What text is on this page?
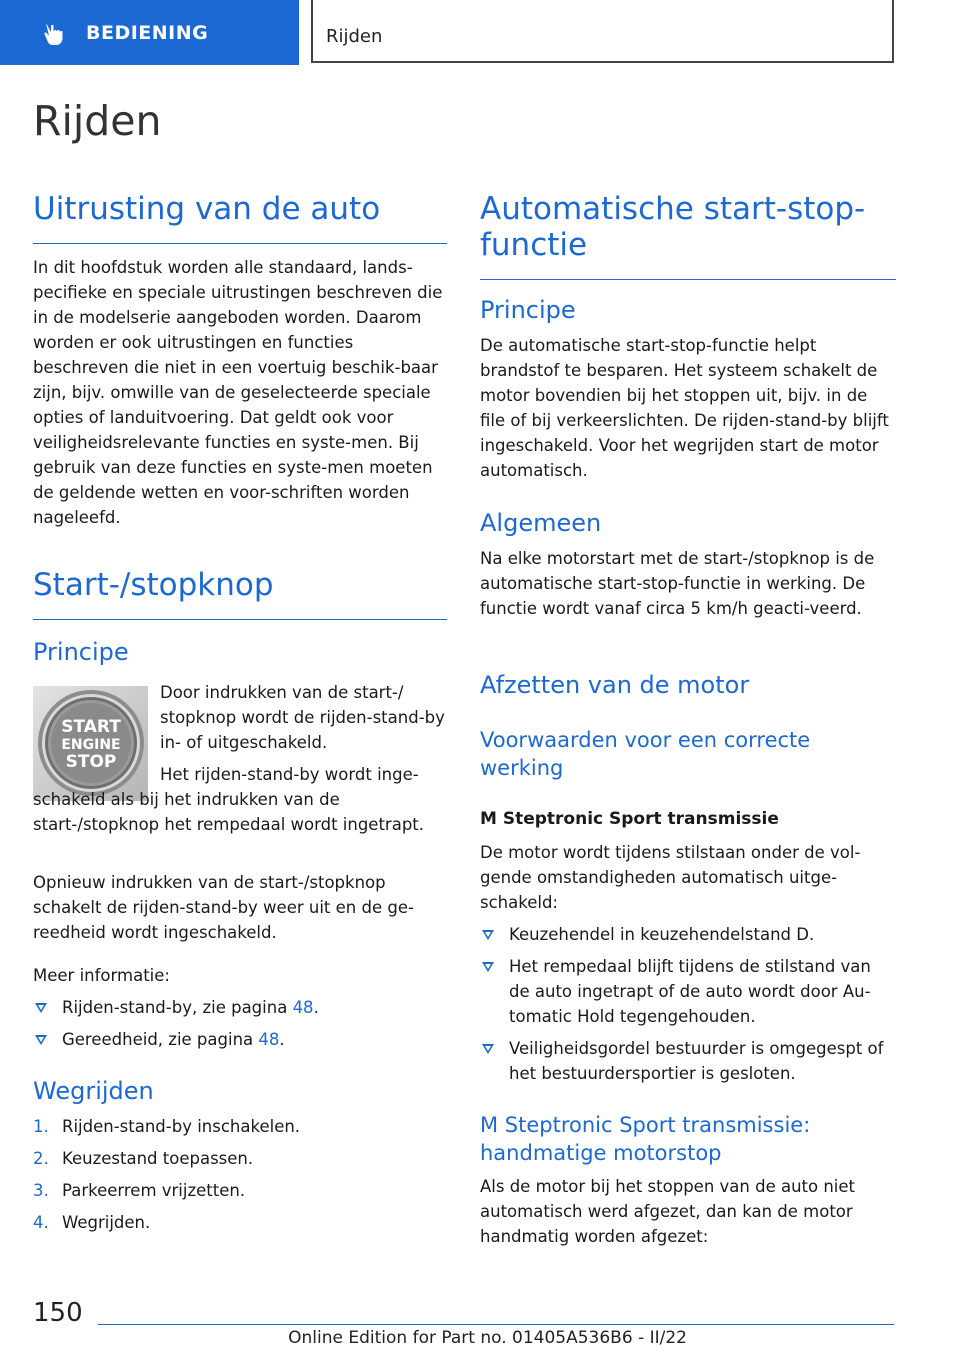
BEDIENING	Rijden
Rijden
Uitrusting van de auto

In dit hoofdstuk worden alle standaard, lands-pecifieke en speciale uitrustingen beschreven die in de modelserie aangeboden worden. Daarom worden er ook uitrustingen en functies beschreven die niet in een voertuig beschik-baar zijn, bijv. omwille van de geselecteerde speciale opties of landuitvoering. Dat geldt ook voor veiligheidsrelevante functies en syste-men. Bij gebruik van deze functies en syste-men moeten de geldende wetten en voor-schriften worden nageleefd.

Start-/stopknop
Principe
START
ENGINE
STOP

Door indrukken van de start-/ stopknop wordt de rijden-stand-by in- of uitgeschakeld.

Het rijden-stand-by wordt inge-schakeld als bij het indrukken van de start-/stopknop het rempedaal wordt ingetrapt.

Opnieuw indrukken van de start-/stopknop schakelt de rijden-stand-by weer uit en de ge-reedheid wordt ingeschakeld.

Meer informatie:

Rijden-stand-by, zie pagina 48.
Gereedheid, zie pagina 48.
Wegrijden
1. Rijden-stand-by inschakelen.
2. Keuzestand toepassen.
3. Parkeerrem vrijzetten.
4. Wegrijden.
Automatische start-stop-functie
Principe

De automatische start-stop-functie helpt brandstof te besparen. Het systeem schakelt de motor bovendien bij het stoppen uit, bijv. in de file of bij verkeerslichten. De rijden-stand-by blijft ingeschakeld. Voor het wegrijden start de motor automatisch.

Algemeen

Na elke motorstart met de start-/stopknop is de automatische start-stop-functie in werking. De functie wordt vanaf circa 5 km/h geacti-veerd.

Afzetten van de motor
Voorwaarden voor een correcte werking
M Steptronic Sport transmissie

De motor wordt tijdens stilstaan onder de vol-gende omstandigheden automatisch uitge-schakeld:

Keuzehendel in keuzehendelstand D.
Het rempedaal blijft tijdens de stilstand van de auto ingetrapt of de auto wordt door Au-tomatic Hold tegengehouden.
Veiligheidsgordel bestuurder is omgegespt of het bestuurdersportier is gesloten.
M Steptronic Sport transmissie: handmatige motorstop

Als de motor bij het stoppen van de auto niet automatisch werd afgezet, dan kan de motor handmatig worden afgezet:

150
Online Edition for Part no. 01405A536B6 - II/22
